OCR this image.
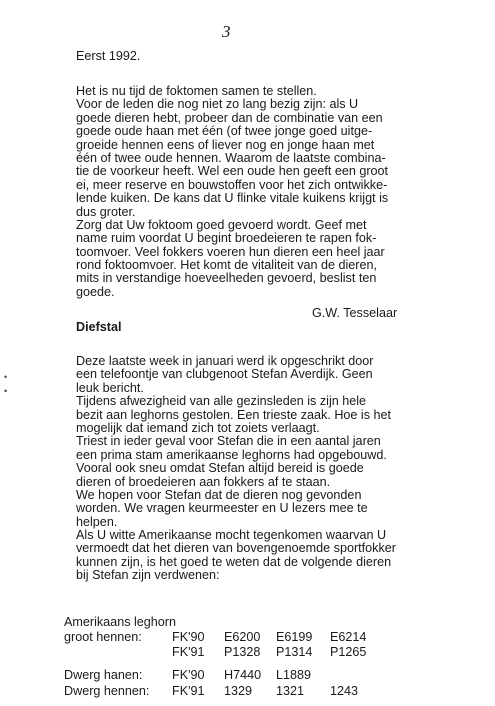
3
•
•
Eerst 1992.
Het is nu tijd de foktomen samen te stellen.
Voor de leden die nog niet zo lang bezig zijn: als U
goede dieren hebt, probeer dan de combinatie van een
goede oude haan met één (of twee jonge goed uitge-
groeide hennen eens of liever nog en jonge haan met
één of twee oude hennen. Waarom de laatste combina-
tie de voorkeur heeft. Wel een oude hen geeft een groot
ei, meer reserve en bouwstoffen voor het zich ontwikke-
lende kuiken. De kans dat U flinke vitale kuikens krijgt is
dus groter.
Zorg dat Uw foktoom goed gevoerd wordt. Geef met
name ruim voordat U begint broedeieren te rapen fok-
toomvoer. Veel fokkers voeren hun dieren een heel jaar
rond foktoomvoer. Het komt de vitaliteit van de dieren,
mits in verstandige hoeveelheden gevoerd, beslist ten
goede.
Diefstal
G.W. Tesselaar
Deze laatste week in januari werd ik opgeschrikt door
een telefoontje van clubgenoot Stefan Averdijk. Geen
leuk bericht.
Tijdens afwezigheid van alle gezinsleden is zijn hele
bezit aan leghorns gestolen. Een trieste zaak. Hoe is het
mogelijk dat iemand zich tot zoiets verlaagt.
Triest in ieder geval voor Stefan die in een aantal jaren
een prima stam amerikaanse leghorns had opgebouwd.
Vooral ook sneu omdat Stefan altijd bereid is goede
dieren of broedeieren aan fokkers af te staan.
We hopen voor Stefan dat de dieren nog gevonden
worden. We vragen keurmeester en U lezers mee te
helpen.
Als U witte Amerikaanse mocht tegenkomen waarvan U
vermoedt dat het dieren van bovengenoemde sportfokker
kunnen zijn, is het goed te weten dat de volgende dieren
bij Stefan zijn verdwenen:
Amerikaans leghorn
groot hennen: FK'90 E6200 E6199 E6214
FK'91 P1328 P1314 P1265
Dwerg hanen: FK'90 H7440 L1889
Dwerg hennen: FK'91 1329 1321 1243
